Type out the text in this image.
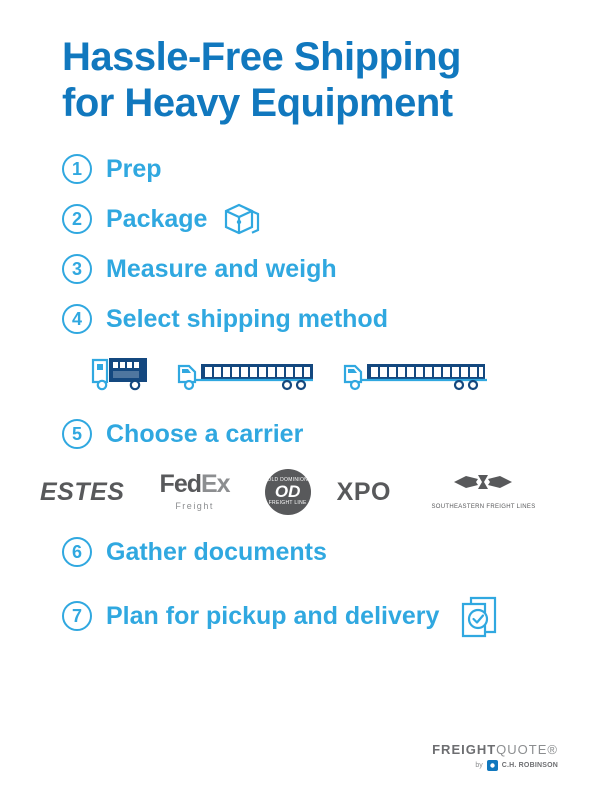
Hassle-Free Shipping
for Heavy Equipment
1 Prep
2 Package
3 Measure and weigh
4 Select shipping method
5 Choose a carrier
ESTES	FedEx Freight
OLD DOMINION
OD
FREIGHT LINE XPO
SOUTHEASTERN FREIGHT LINES
6 Gather documents
7 Plan for pickup and delivery
FREIGHTQUOTE®
by	C.H. ROBINSON
